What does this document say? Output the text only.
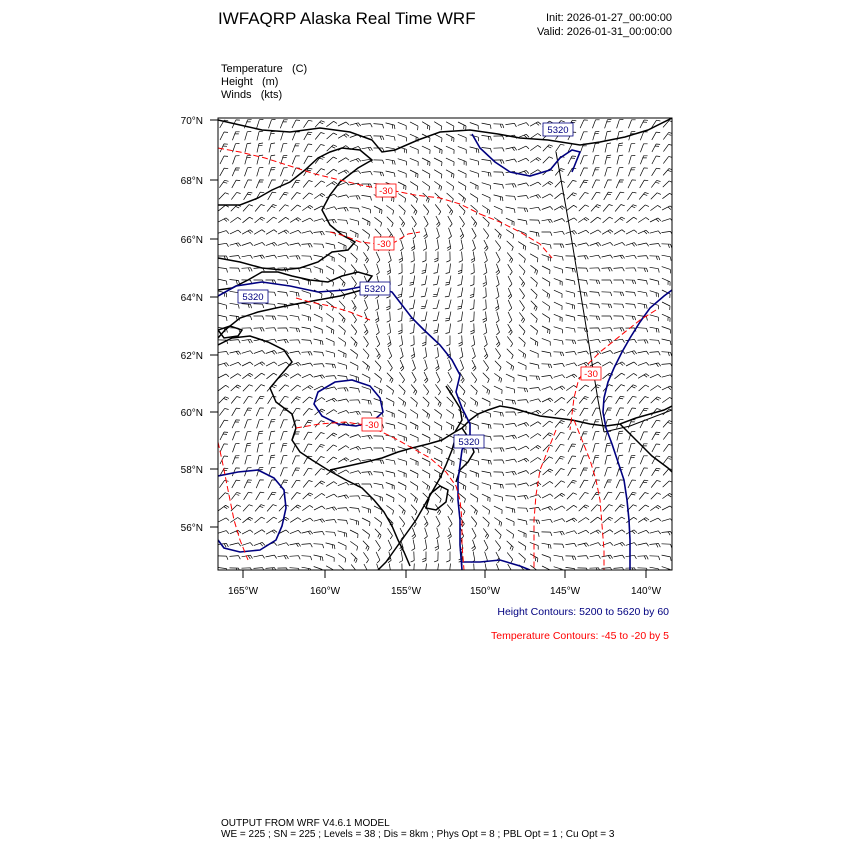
IWFAQRP Alaska Real Time WRF	Init: 2026-01-27_00:00:00
Valid: 2026-01-31_00:00:00
Temperature (C)
Height (m)
Winds (kts)
5320
5320
5320
5320
-30
-30
-30
-30
70°N
68°N
66°N
64°N
62°N
60°N
58°N
56°N
165°W	160°W	155°W	150°W	145°W	140°W
Height Contours: 5200 to 5620 by 60
Temperature Contours: -45 to -20 by 5
OUTPUT FROM WRF V4.6.1 MODEL
WE = 225 ; SN = 225 ; Levels = 38 ; Dis = 8km ; Phys Opt = 8 ; PBL Opt = 1 ; Cu Opt = 3
